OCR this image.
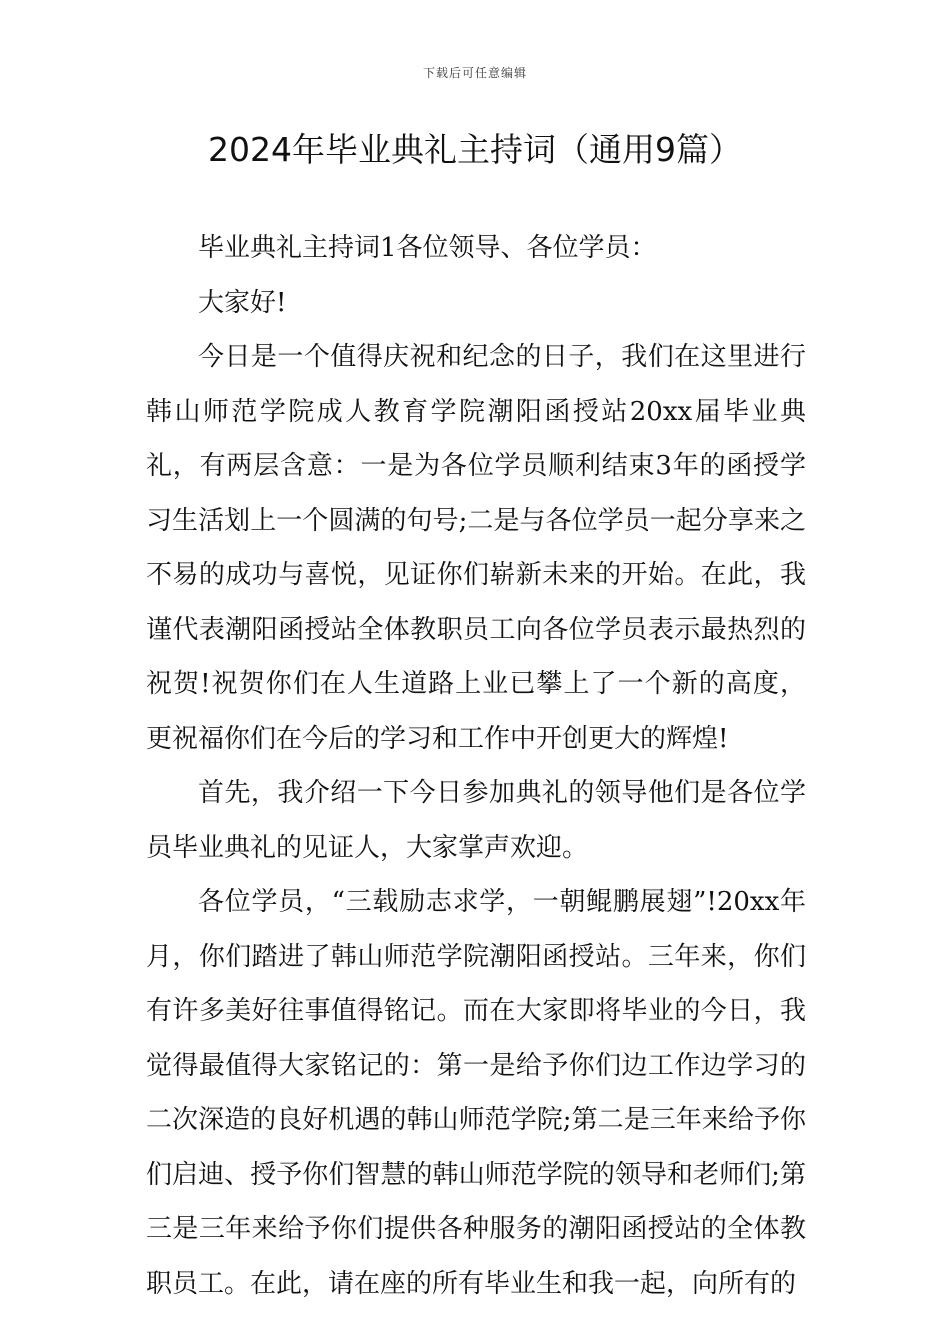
下载后可任意编辑
2024年毕业典礼主持词（通用9篇）

毕业典礼主持词1各位领导、各位学员：

大家好!

今日是一个值得庆祝和纪念的日子，我们在这里进行韩山师范学院成人教育学院潮阳函授站20xx届毕业典礼，有两层含意：一是为各位学员顺利结束3年的函授学习生活划上一个圆满的句号;二是与各位学员一起分享来之不易的成功与喜悦，见证你们崭新未来的开始。在此，我谨代表潮阳函授站全体教职员工向各位学员表示最热烈的祝贺!祝贺你们在人生道路上业已攀上了一个新的高度，更祝福你们在今后的学习和工作中开创更大的辉煌!

首先，我介绍一下今日参加典礼的领导他们是各位学员毕业典礼的见证人，大家掌声欢迎。

各位学员，“三载励志求学，一朝鲲鹏展翅”!20xx年月，你们踏进了韩山师范学院潮阳函授站。三年来，你们有许多美好往事值得铭记。而在大家即将毕业的今日，我觉得最值得大家铭记的：第一是给予你们边工作边学习的二次深造的良好机遇的韩山师范学院;第二是三年来给予你们启迪、授予你们智慧的韩山师范学院的领导和老师们;第三是三年来给予你们提供各种服务的潮阳函授站的全体教职员工。在此，请在座的所有毕业生和我一起，向所有的
